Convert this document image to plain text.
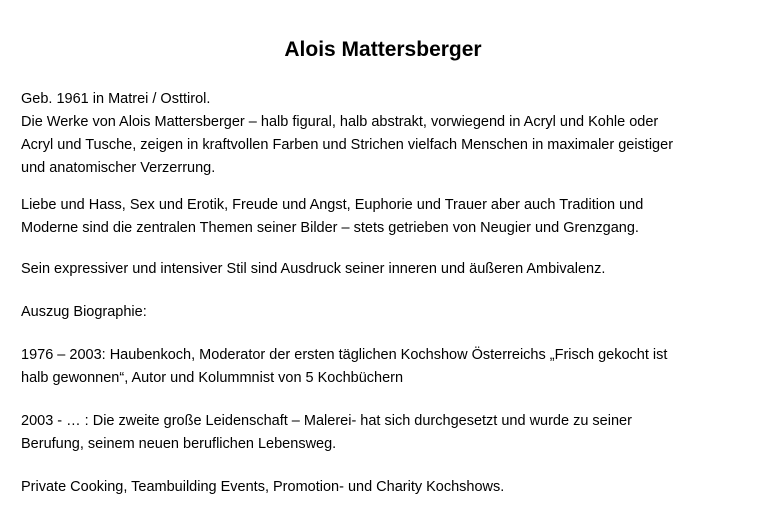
Alois Mattersberger

Geb. 1961 in Matrei / Osttirol.
Die Werke von Alois Mattersberger – halb figural, halb abstrakt, vorwiegend in Acryl und Kohle oder
Acryl und Tusche, zeigen in kraftvollen Farben und Strichen vielfach Menschen in maximaler geistiger
und anatomischer Verzerrung.

Liebe und Hass, Sex und Erotik, Freude und Angst, Euphorie und Trauer aber auch Tradition und
Moderne sind die zentralen Themen seiner Bilder – stets getrieben von Neugier und Grenzgang.

Sein expressiver und intensiver Stil sind Ausdruck seiner inneren und äußeren Ambivalenz.

Auszug Biographie:

1976 – 2003: Haubenkoch, Moderator der ersten täglichen Kochshow Österreichs „Frisch gekocht ist
halb gewonnen“, Autor und Kolummnist von 5 Kochbüchern

2003 - … : Die zweite große Leidenschaft – Malerei- hat sich durchgesetzt und wurde zu seiner
Berufung, seinem neuen beruflichen Lebensweg.

Private Cooking, Teambuilding Events, Promotion- und Charity Kochshows.
